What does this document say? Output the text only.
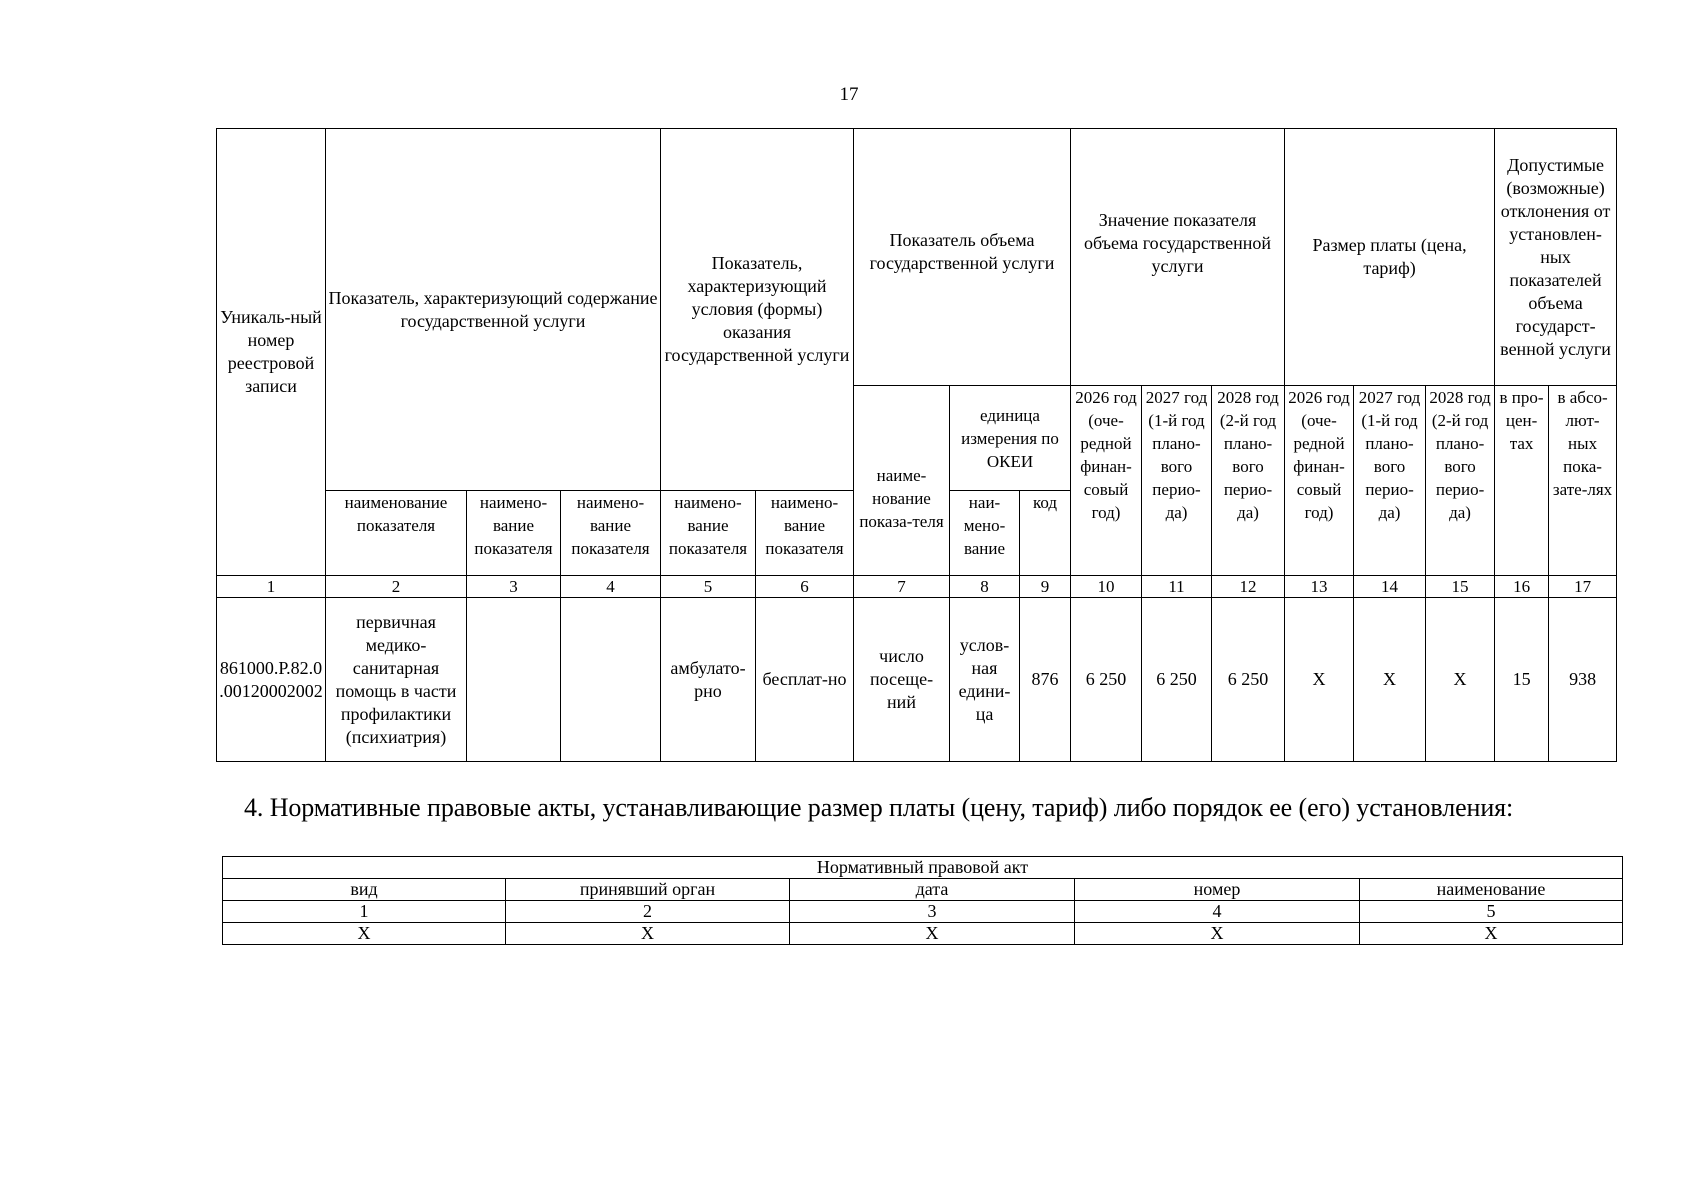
17
Уникаль-ный номер реестровой записи	Показатель, характеризующий содержание государственной услуги			Показатель, характеризующий условия (формы) оказания государственной услуги		Показатель объема государственной услуги			Значение показателя объема государственной услуги			Размер платы (цена, тариф)			Допустимые (возможные) отклонения от установлен-ных показателей объема государст-венной услуги	
						наиме-нование показа-теля	единица измерения по ОКЕИ		2026 год (оче-редной финан-совый год)	2027 год (1-й год плано-вого перио-да)	2028 год (2-й год плано-вого перио-да)	2026 год (оче-редной финан-совый год)	2027 год (1-й год плано-вого перио-да)	2028 год (2-й год плано-вого перио-да)	в про-цен-тах	в абсо-лют-ных пока-зате-лях
	наименование показателя	наимено-вание показателя	наимено-вание показателя	наимено-вание показателя	наимено-вание показателя		наи-мено-вание	код								
1	2	3	4	5	6	7	8	9	10	11	12	13	14	15	16	17
861000.Р.82.0.00120002002	первичная медико-санитарная помощь в части профилактики (психиатрия)			амбулато-рно	бесплат-но	число посеще-ний	услов-ная едини-ца	876	6 250	6 250	6 250	X	X	X	15	938
4. Нормативные правовые акты, устанавливающие размер платы (цену, тариф) либо порядок ее (его) установления:
Нормативный правовой акт				
вид	принявший орган	дата	номер	наименование
1	2	3	4	5
X	X	X	X	X
